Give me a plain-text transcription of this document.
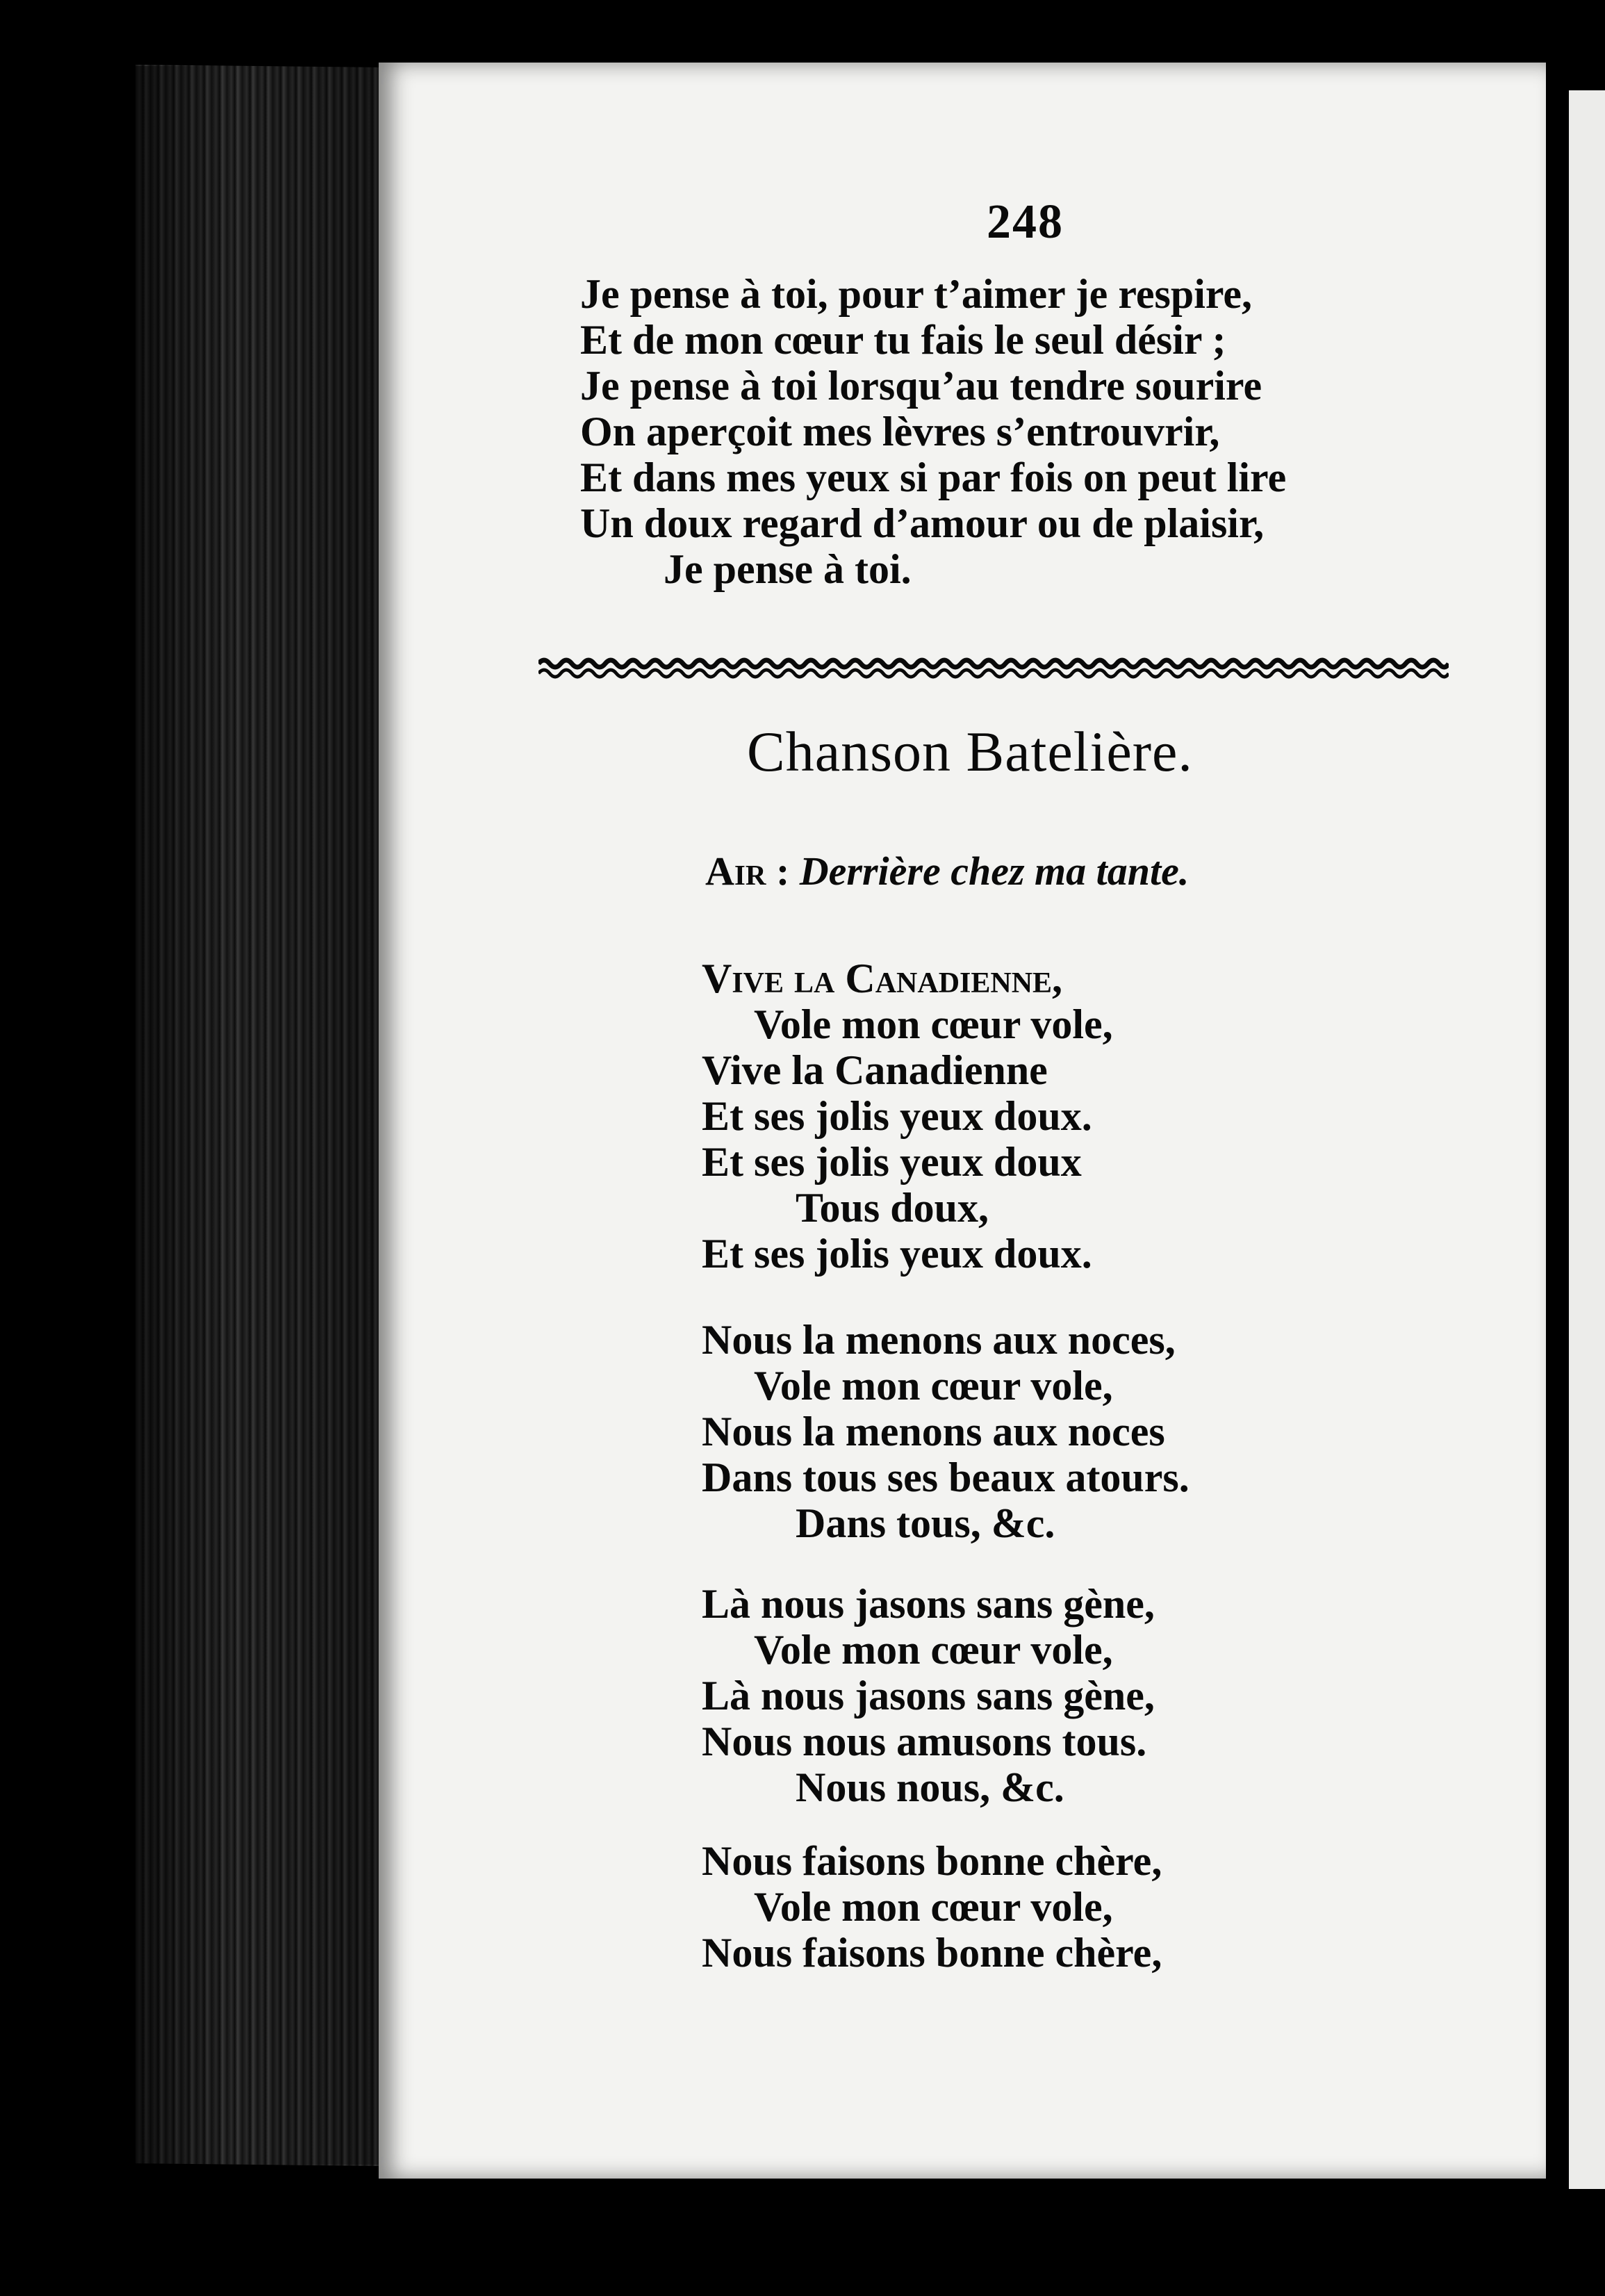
248
Je pense à toi, pour t’aimer je respire,
Et de mon cœur tu fais le seul désir ;
Je pense à toi lorsqu’au tendre sourire
On aperçoit mes lèvres s’entrouvrir,
Et dans mes yeux si par fois on peut lire
Un doux regard d’amour ou de plaisir,
Je pense à toi.
Chanson Batelière.
Air : Derrière chez ma tante.
Vive la Canadienne,
Vole mon cœur vole,
Vive la Canadienne
Et ses jolis yeux doux.
Et ses jolis yeux doux
Tous doux,
Et ses jolis yeux doux.
Nous la menons aux noces,
Vole mon cœur vole,
Nous la menons aux noces
Dans tous ses beaux atours.
Dans tous, &c.
Là nous jasons sans gène,
Vole mon cœur vole,
Là nous jasons sans gène,
Nous nous amusons tous.
Nous nous, &c.
Nous faisons bonne chère,
Vole mon cœur vole,
Nous faisons bonne chère,
